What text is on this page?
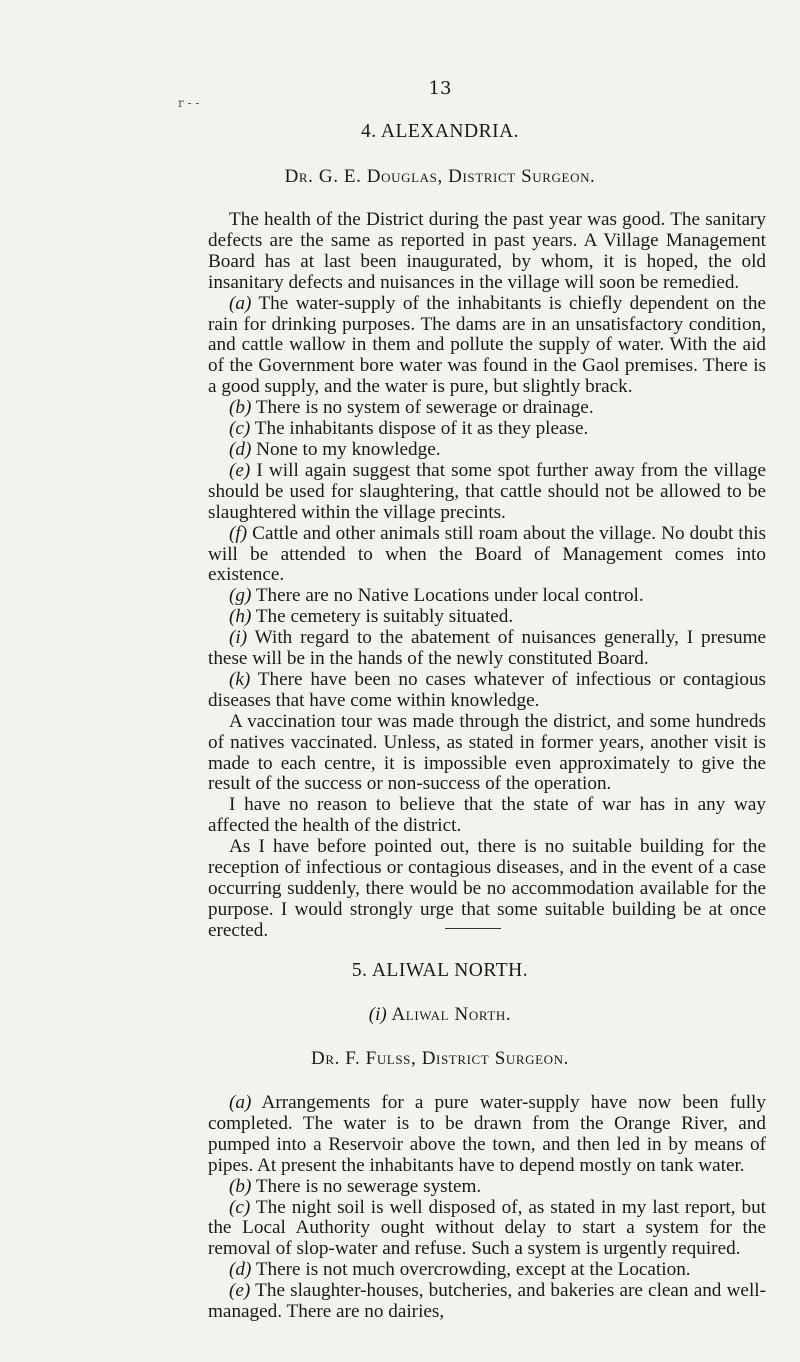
13
r - -
4. ALEXANDRIA.
Dr. G. E. Douglas, District Surgeon.

The health of the District during the past year was good. The sanitary defects are the same as reported in past years. A Village Management Board has at last been inaugurated, by whom, it is hoped, the old insanitary defects and nuisances in the village will soon be remedied.

(a) The water-supply of the inhabitants is chiefly dependent on the rain for drinking purposes. The dams are in an unsatisfactory condition, and cattle wallow in them and pollute the supply of water. With the aid of the Government bore water was found in the Gaol premises. There is a good supply, and the water is pure, but slightly brack.

(b) There is no system of sewerage or drainage.

(c) The inhabitants dispose of it as they please.

(d) None to my knowledge.

(e) I will again suggest that some spot further away from the village should be used for slaughtering, that cattle should not be allowed to be slaughtered within the village precints.

(f) Cattle and other animals still roam about the village. No doubt this will be attended to when the Board of Management comes into existence.

(g) There are no Native Locations under local control.

(h) The cemetery is suitably situated.

(i) With regard to the abatement of nuisances generally, I presume these will be in the hands of the newly constituted Board.

(k) There have been no cases whatever of infectious or contagious diseases that have come within knowledge.

A vaccination tour was made through the district, and some hundreds of natives vaccinated. Unless, as stated in former years, another visit is made to each centre, it is impossible even approximately to give the result of the success or non-success of the operation.

I have no reason to believe that the state of war has in any way affected the health of the district.

As I have before pointed out, there is no suitable building for the reception of infectious or contagious diseases, and in the event of a case occurring suddenly, there would be no accommodation available for the purpose. I would strongly urge that some suitable building be at once erected.

5. ALIWAL NORTH.
(i) Aliwal North.
Dr. F. Fulss, District Surgeon.

(a) Arrangements for a pure water-supply have now been fully completed. The water is to be drawn from the Orange River, and pumped into a Reservoir above the town, and then led in by means of pipes. At present the inhabitants have to depend mostly on tank water.

(b) There is no sewerage system.

(c) The night soil is well disposed of, as stated in my last report, but the Local Authority ought without delay to start a system for the removal of slop-water and refuse. Such a system is urgently required.

(d) There is not much overcrowding, except at the Location.

(e) The slaughter-houses, butcheries, and bakeries are clean and well-managed. There are no dairies,
